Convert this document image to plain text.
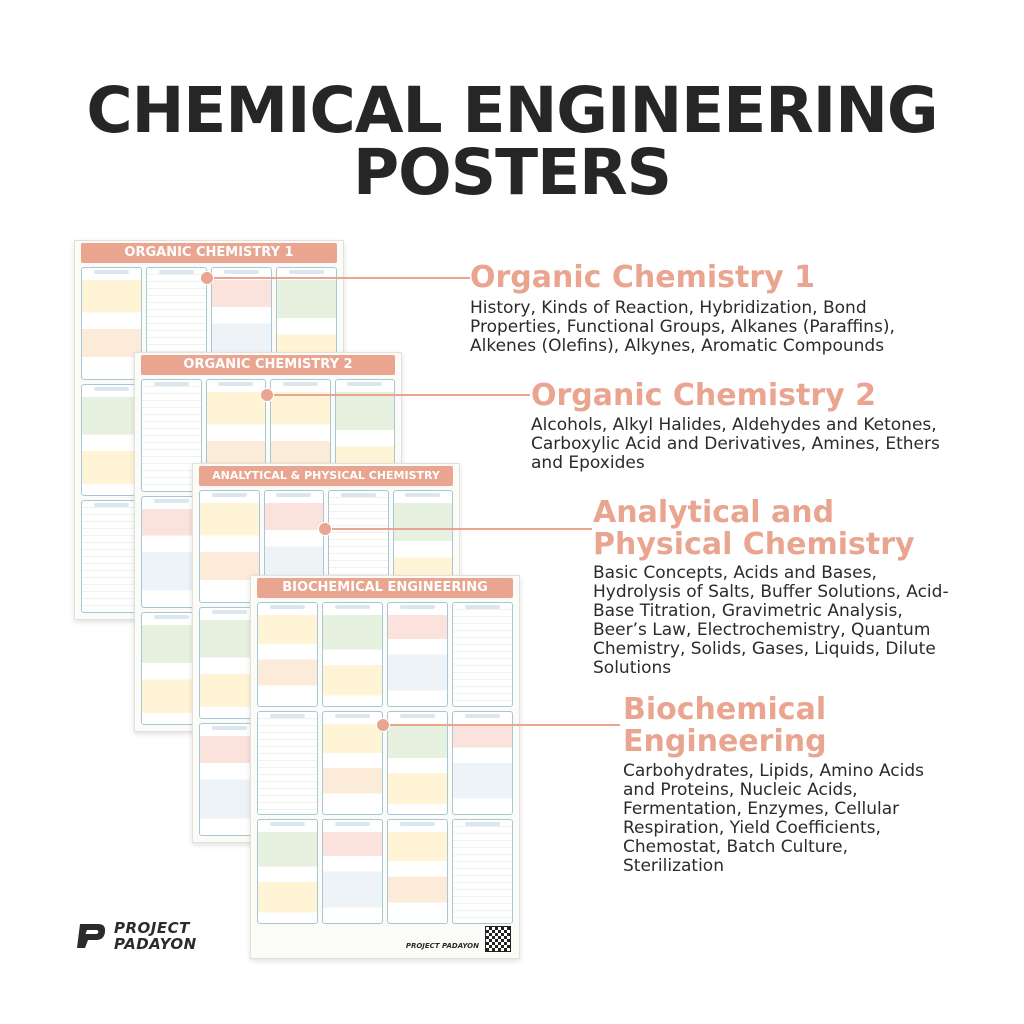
CHEMICAL ENGINEERING
POSTERS
ORGANIC CHEMISTRY 1
ORGANIC CHEMISTRY 2
ANALYTICAL & PHYSICAL CHEMISTRY
BIOCHEMICAL ENGINEERING
PROJECT PADAYON
Organic Chemistry 1
History, Kinds of Reaction, Hybridization, Bond
Properties, Functional Groups, Alkanes (Paraffins),
Alkenes (Olefins), Alkynes, Aromatic Compounds
Organic Chemistry 2
Alcohols, Alkyl Halides, Aldehydes and Ketones,
Carboxylic Acid and Derivatives, Amines, Ethers
and Epoxides
Analytical and
Physical Chemistry
Basic Concepts, Acids and Bases,
Hydrolysis of Salts, Buffer Solutions, Acid-
Base Titration, Gravimetric Analysis,
Beer’s Law, Electrochemistry, Quantum
Chemistry, Solids, Gases, Liquids, Dilute
Solutions
Biochemical
Engineering
Carbohydrates, Lipids, Amino Acids
and Proteins, Nucleic Acids,
Fermentation, Enzymes, Cellular
Respiration, Yield Coefficients,
Chemostat, Batch Culture,
Sterilization
PROJECT
PADAYON
